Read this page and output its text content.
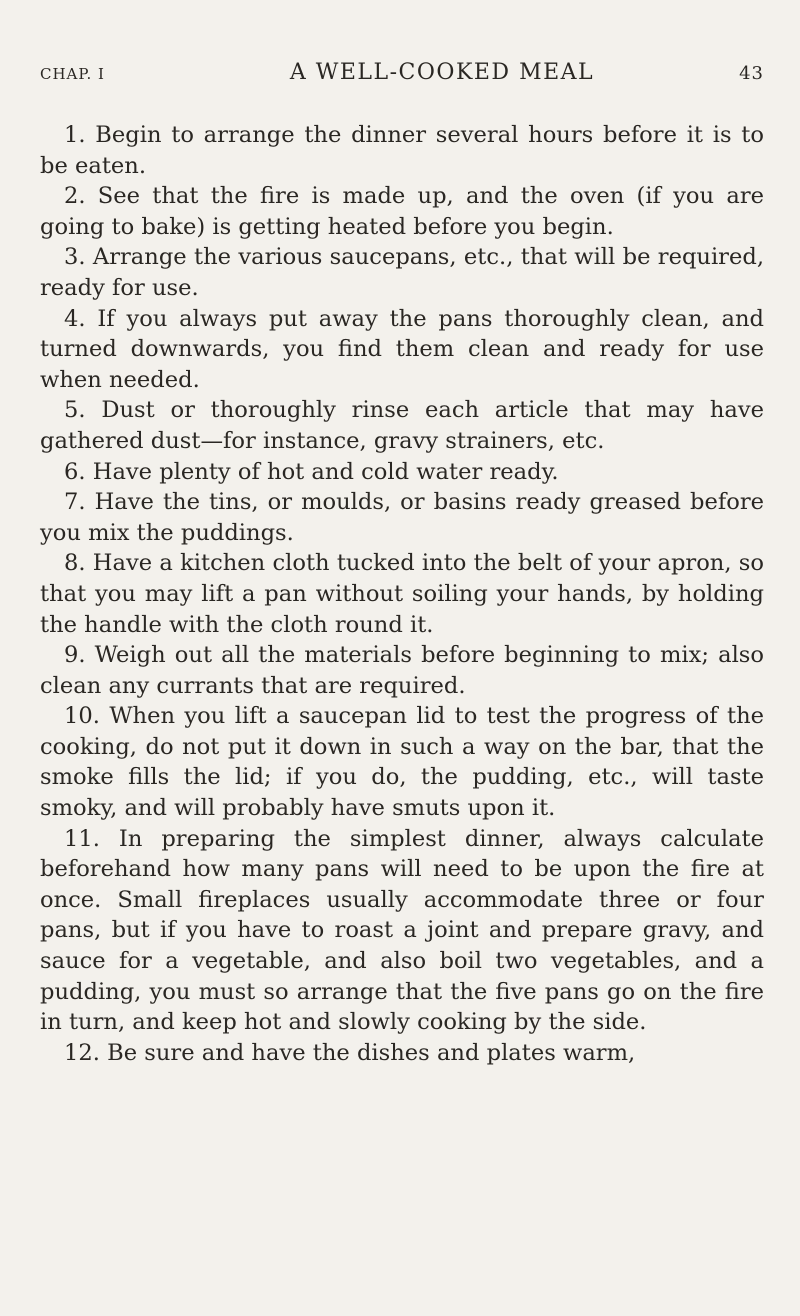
CHAP. I	A WELL-COOKED MEAL	43

1. Begin to arrange the dinner several hours before it is to be eaten.

2. See that the fire is made up, and the oven (if you are going to bake) is getting heated before you begin.

3. Arrange the various saucepans, etc., that will be required, ready for use.

4. If you always put away the pans thoroughly clean, and turned downwards, you find them clean and ready for use when needed.

5. Dust or thoroughly rinse each article that may have gathered dust—for instance, gravy strainers, etc.

6. Have plenty of hot and cold water ready.

7. Have the tins, or moulds, or basins ready greased before you mix the puddings.

8. Have a kitchen cloth tucked into the belt of your apron, so that you may lift a pan without soiling your hands, by holding the handle with the cloth round it.

9. Weigh out all the materials before beginning to mix; also clean any currants that are required.

10. When you lift a saucepan lid to test the progress of the cooking, do not put it down in such a way on the bar, that the smoke fills the lid; if you do, the pudding, etc., will taste smoky, and will probably have smuts upon it.

11. In preparing the simplest dinner, always calculate beforehand how many pans will need to be upon the fire at once. Small fireplaces usually accommodate three or four pans, but if you have to roast a joint and prepare gravy, and sauce for a vegetable, and also boil two vegetables, and a pudding, you must so arrange that the five pans go on the fire in turn, and keep hot and slowly cooking by the side.

12. Be sure and have the dishes and plates warm,
